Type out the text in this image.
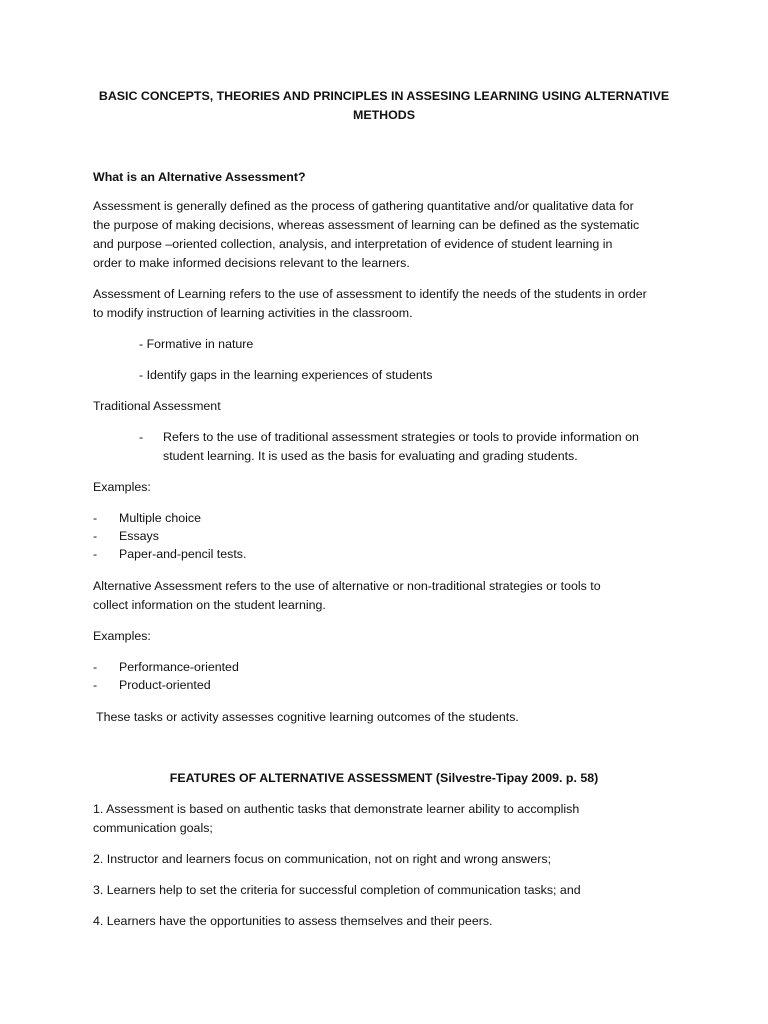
BASIC CONCEPTS, THEORIES AND PRINCIPLES IN ASSESING LEARNING USING ALTERNATIVE
METHODS
What is an Alternative Assessment?
Assessment is generally defined as the process of gathering quantitative and/or qualitative data for
the purpose of making decisions, whereas assessment of learning can be defined as the systematic
and purpose –oriented collection, analysis, and interpretation of evidence of student learning in
order to make informed decisions relevant to the learners.
Assessment of Learning refers to the use of assessment to identify the needs of the students in order
to modify instruction of learning activities in the classroom.
- Formative in nature
- Identify gaps in the learning experiences of students
Traditional Assessment
- Refers to the use of traditional assessment strategies or tools to provide information on
student learning. It is used as the basis for evaluating and grading students.
Examples:
- Multiple choice
- Essays
- Paper-and-pencil tests.
Alternative Assessment refers to the use of alternative or non-traditional strategies or tools to
collect information on the student learning.
Examples:
- Performance-oriented
- Product-oriented
These tasks or activity assesses cognitive learning outcomes of the students.
FEATURES OF ALTERNATIVE ASSESSMENT (Silvestre-Tipay 2009. p. 58)
1. Assessment is based on authentic tasks that demonstrate learner ability to accomplish
communication goals;
2. Instructor and learners focus on communication, not on right and wrong answers;
3. Learners help to set the criteria for successful completion of communication tasks; and
4. Learners have the opportunities to assess themselves and their peers.
